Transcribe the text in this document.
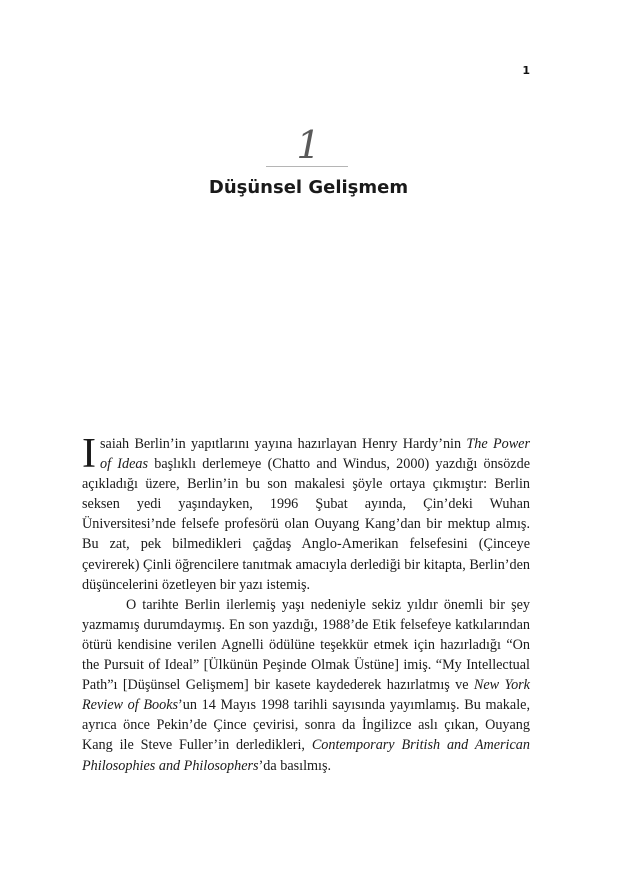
1
1
Düşünsel Gelişmem

Isaiah Berlin’in yapıtlarını yayına hazırlayan Henry Hardy’nin The Power of Ideas başlıklı derlemeye (Chatto and Windus, 2000) yazdığı önsözde açıkladığı üzere, Berlin’in bu son makalesi şöyle ortaya çıkmıştır: Berlin seksen yedi yaşındayken, 1996 Şubat ayında, Çin’deki Wuhan Üniversitesi’nde felsefe profesörü olan Ouyang Kang’dan bir mektup almış. Bu zat, pek bilmedikleri çağdaş Anglo-Amerikan felsefesini (Çinceye çevirerek) Çinli öğrencilere tanıtmak amacıyla derlediği bir kitapta, Berlin’den düşüncelerini özetleyen bir yazı istemiş.

O tarihte Berlin ilerlemiş yaşı nedeniyle sekiz yıldır önemli bir şey yazmamış durumdaymış. En son yazdığı, 1988’de Etik felsefeye katkılarından ötürü kendisine verilen Agnelli ödülüne teşekkür etmek için hazırladığı “On the Pursuit of Ideal” [Ülkünün Peşinde Olmak Üstüne] imiş. “My Intellectual Path”ı [Düşünsel Gelişmem] bir kasete kaydederek hazırlatmış ve New York Review of Books’un 14 Mayıs 1998 tarihli sayısında yayımlamış. Bu makale, ayrıca önce Pekin’de Çince çevirisi, sonra da İngilizce aslı çıkan, Ouyang Kang ile Steve Fuller’in derledikleri, Contemporary British and American Philosophies and Philosophers’da basılmış.
